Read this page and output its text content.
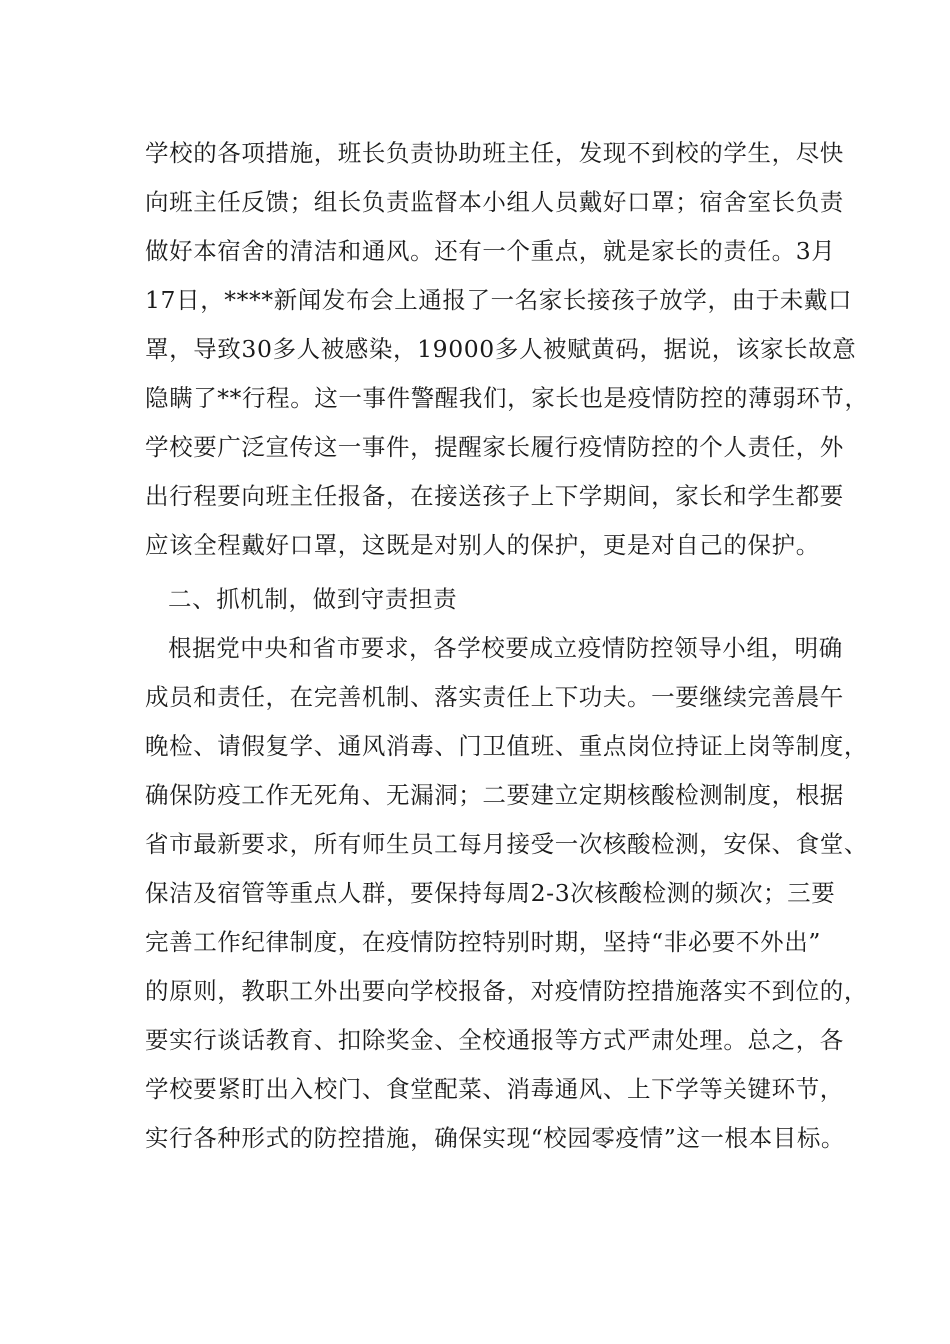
学校的各项措施，班长负责协助班主任，发现不到校的学生，尽快
向班主任反馈；组长负责监督本小组人员戴好口罩；宿舍室长负责
做好本宿舍的清洁和通风。还有一个重点，就是家长的责任。3月
17日，****新闻发布会上通报了一名家长接孩子放学，由于未戴口
罩，导致30多人被感染，19000多人被赋黄码，据说，该家长故意
隐瞒了**行程。这一事件警醒我们，家长也是疫情防控的薄弱环节，
学校要广泛宣传这一事件，提醒家长履行疫情防控的个人责任，外
出行程要向班主任报备，在接送孩子上下学期间，家长和学生都要
应该全程戴好口罩，这既是对别人的保护，更是对自己的保护。
二、抓机制，做到守责担责
根据党中央和省市要求，各学校要成立疫情防控领导小组，明确
成员和责任，在完善机制、落实责任上下功夫。一要继续完善晨午
晚检、请假复学、通风消毒、门卫值班、重点岗位持证上岗等制度，
确保防疫工作无死角、无漏洞；二要建立定期核酸检测制度，根据
省市最新要求，所有师生员工每月接受一次核酸检测，安保、食堂、
保洁及宿管等重点人群，要保持每周2-3次核酸检测的频次；三要
完善工作纪律制度，在疫情防控特别时期，坚持“非必要不外出”
的原则，教职工外出要向学校报备，对疫情防控措施落实不到位的，
要实行谈话教育、扣除奖金、全校通报等方式严肃处理。总之，各
学校要紧盯出入校门、食堂配菜、消毒通风、上下学等关键环节，
实行各种形式的防控措施，确保实现“校园零疫情”这一根本目标。
